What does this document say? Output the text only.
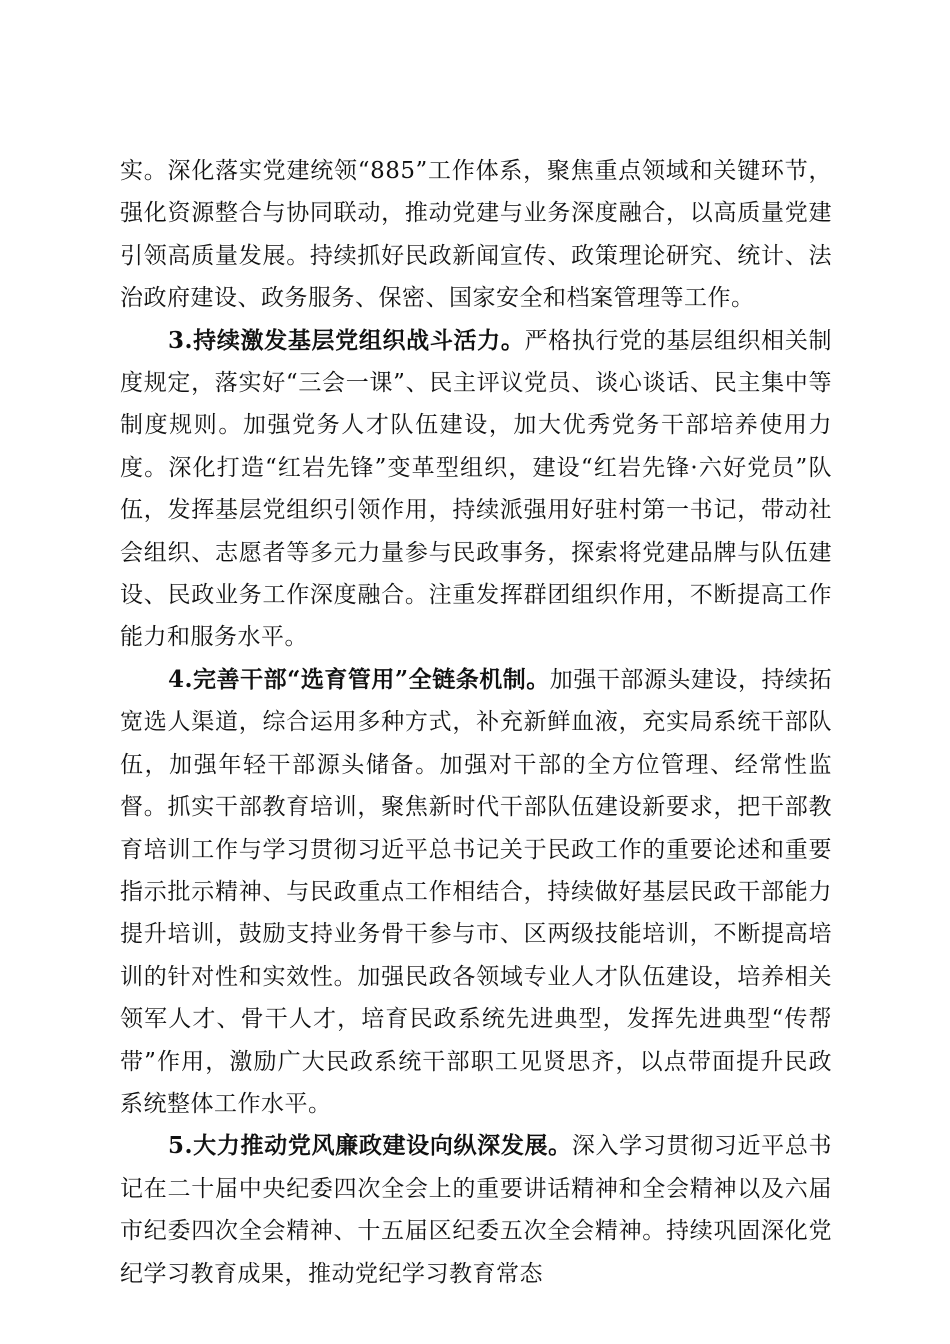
实。深化落实党建统领“885”工作体系，聚焦重点领域和关键环节，强化资源整合与协同联动，推动党建与业务深度融合，以高质量党建引领高质量发展。持续抓好民政新闻宣传、政策理论研究、统计、法治政府建设、政务服务、保密、国家安全和档案管理等工作。

3.持续激发基层党组织战斗活力。严格执行党的基层组织相关制度规定，落实好“三会一课”、民主评议党员、谈心谈话、民主集中等制度规则。加强党务人才队伍建设，加大优秀党务干部培养使用力度。深化打造“红岩先锋”变革型组织，建设“红岩先锋·六好党员”队伍，发挥基层党组织引领作用，持续派强用好驻村第一书记，带动社会组织、志愿者等多元力量参与民政事务，探索将党建品牌与队伍建设、民政业务工作深度融合。注重发挥群团组织作用，不断提高工作能力和服务水平。

4.完善干部“选育管用”全链条机制。加强干部源头建设，持续拓宽选人渠道，综合运用多种方式，补充新鲜血液，充实局系统干部队伍，加强年轻干部源头储备。加强对干部的全方位管理、经常性监督。抓实干部教育培训，聚焦新时代干部队伍建设新要求，把干部教育培训工作与学习贯彻习近平总书记关于民政工作的重要论述和重要指示批示精神、与民政重点工作相结合，持续做好基层民政干部能力提升培训，鼓励支持业务骨干参与市、区两级技能培训，不断提高培训的针对性和实效性。加强民政各领域专业人才队伍建设，培养相关领军人才、骨干人才，培育民政系统先进典型，发挥先进典型“传帮带”作用，激励广大民政系统干部职工见贤思齐，以点带面提升民政系统整体工作水平。

5.大力推动党风廉政建设向纵深发展。深入学习贯彻习近平总书记在二十届中央纪委四次全会上的重要讲话精神和全会精神以及六届市纪委四次全会精神、十五届区纪委五次全会精神。持续巩固深化党纪学习教育成果，推动党纪学习教育常态
